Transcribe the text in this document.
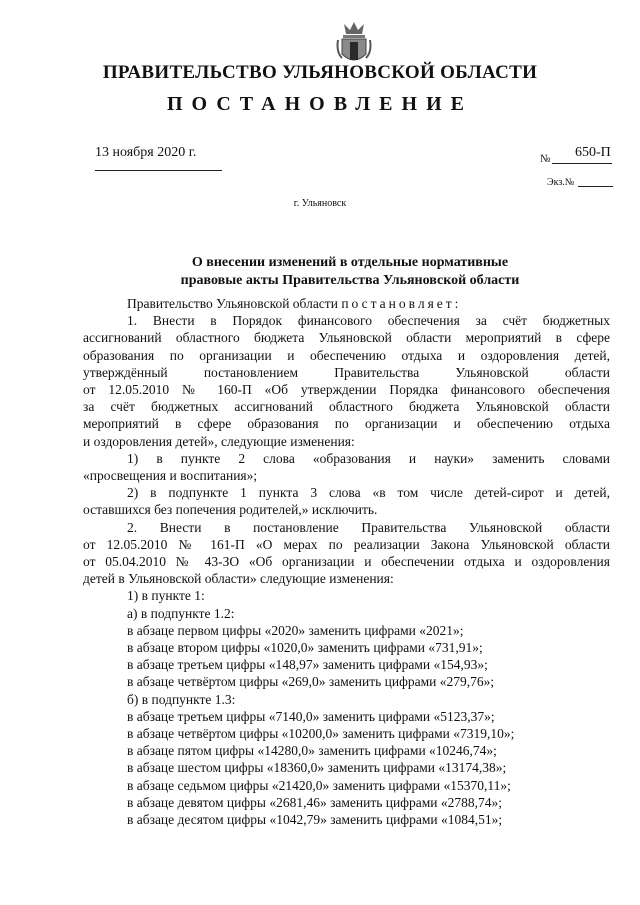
ПРАВИТЕЛЬСТВО УЛЬЯНОВСКОЙ ОБЛАСТИ
ПОСТАНОВЛЕНИЕ
13 ноября 2020 г.	№ 650-П
Экз.№
г. Ульяновск
О внесении изменений в отдельные нормативные
правовые акты Правительства Ульяновской области

Правительство Ульяновской области постановляет:

1. Внести в Порядок финансового обеспечения за счёт бюджетных

ассигнований областного бюджета Ульяновской области мероприятий в сфере

образования по организации и обеспечению отдыха и оздоровления детей,

утверждённый постановлением Правительства Ульяновской области

от 12.05.2010 № 160-П «Об утверждении Порядка финансового обеспечения

за счёт бюджетных ассигнований областного бюджета Ульяновской области

мероприятий в сфере образования по организации и обеспечению отдыха

и оздоровления детей», следующие изменения:

1) в пункте 2 слова «образования и науки» заменить словами

«просвещения и воспитания»;

2) в подпункте 1 пункта 3 слова «в том числе детей-сирот и детей,

оставшихся без попечения родителей,» исключить.

2. Внести в постановление Правительства Ульяновской области

от 12.05.2010 № 161-П «О мерах по реализации Закона Ульяновской области

от 05.04.2010 № 43-ЗО «Об организации и обеспечении отдыха и оздоровления

детей в Ульяновской области» следующие изменения:

1) в пункте 1:

а) в подпункте 1.2:

в абзаце первом цифры «2020» заменить цифрами «2021»;

в абзаце втором цифры «1020,0» заменить цифрами «731,91»;

в абзаце третьем цифры «148,97» заменить цифрами «154,93»;

в абзаце четвёртом цифры «269,0» заменить цифрами «279,76»;

б) в подпункте 1.3:

в абзаце третьем цифры «7140,0» заменить цифрами «5123,37»;

в абзаце четвёртом цифры «10200,0» заменить цифрами «7319,10»;

в абзаце пятом цифры «14280,0» заменить цифрами «10246,74»;

в абзаце шестом цифры «18360,0» заменить цифрами «13174,38»;

в абзаце седьмом цифры «21420,0» заменить цифрами «15370,11»;

в абзаце девятом цифры «2681,46» заменить цифрами «2788,74»;

в абзаце десятом цифры «1042,79» заменить цифрами «1084,51»;
